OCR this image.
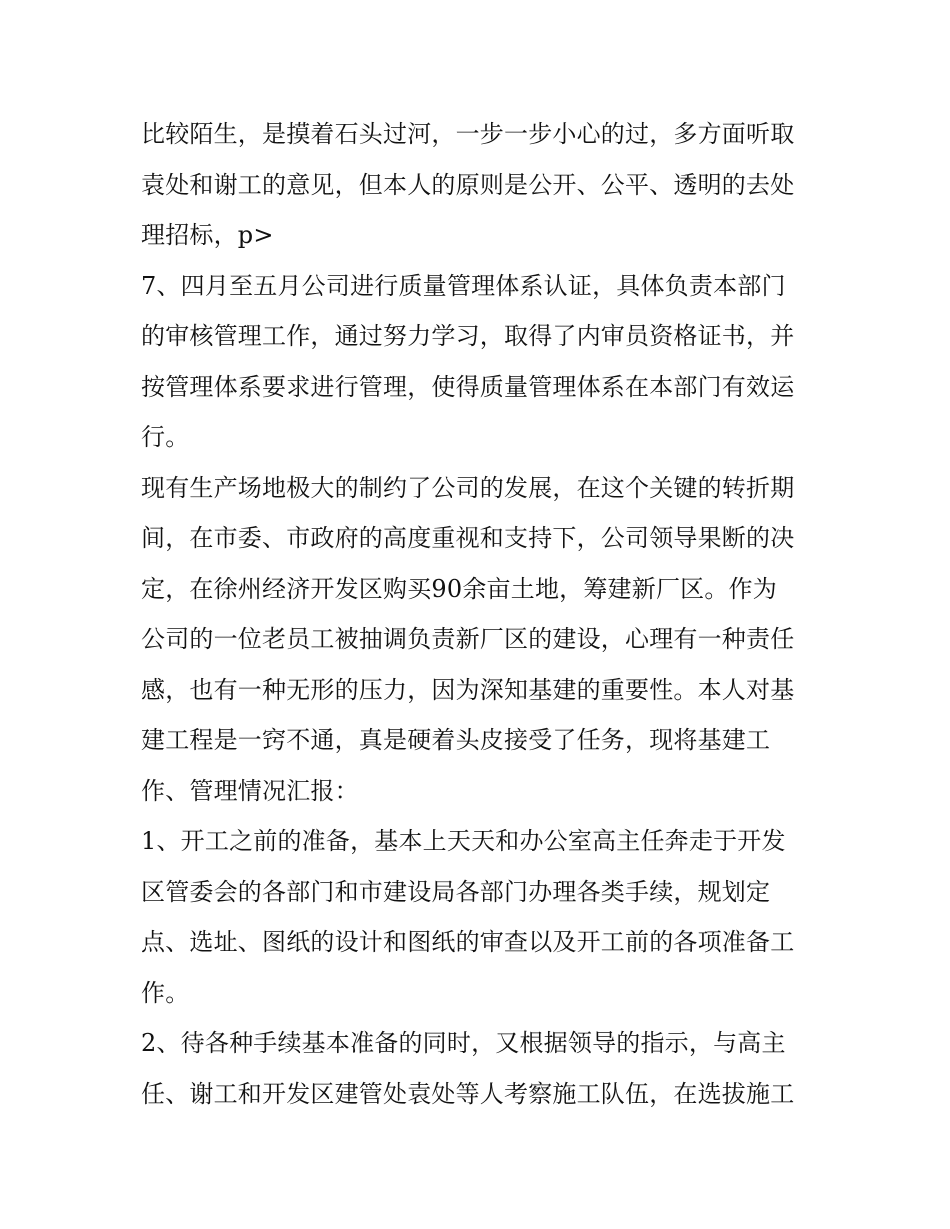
比较陌生，是摸着石头过河，一步一步小心的过，多方面听取
袁处和谢工的意见，但本人的原则是公开、公平、透明的去处
理招标，p>
7、四月至五月公司进行质量管理体系认证，具体负责本部门
的审核管理工作，通过努力学习，取得了内审员资格证书，并
按管理体系要求进行管理，使得质量管理体系在本部门有效运
行。
现有生产场地极大的制约了公司的发展，在这个关键的转折期
间，在市委、市政府的高度重视和支持下，公司领导果断的决
定，在徐州经济开发区购买90余亩土地，筹建新厂区。作为
公司的一位老员工被抽调负责新厂区的建设，心理有一种责任
感，也有一种无形的压力，因为深知基建的重要性。本人对基
建工程是一窍不通，真是硬着头皮接受了任务，现将基建工
作、管理情况汇报：
1、开工之前的准备，基本上天天和办公室高主任奔走于开发
区管委会的各部门和市建设局各部门办理各类手续，规划定
点、选址、图纸的设计和图纸的审查以及开工前的各项准备工
作。
2、待各种手续基本准备的同时，又根据领导的指示，与高主
任、谢工和开发区建管处袁处等人考察施工队伍，在选拔施工
